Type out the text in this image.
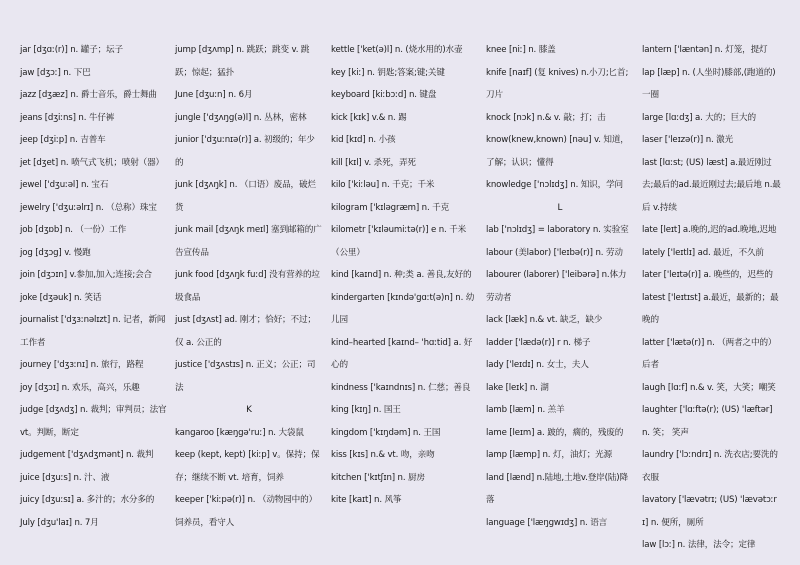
jar [dʒɑː(r)] n. 罐子；坛子

jaw [dʒɔː] n. 下巴

jazz [dʒæz] n. 爵士音乐，爵士舞曲

jeans [dʒiːns] n. 牛仔裤

jeep [dʒiːp] n. 吉普车

jet [dʒet] n. 喷气式飞机；喷射（器）

jewel ['dʒuːəl] n. 宝石

jewelry ['dʒuːəlrɪ] n. （总称）珠宝

job [dʒɒb] n. （一份）工作

jog [dʒɔg] v. 慢跑

join [dʒɔɪn] v.参加,加入;连接;会合

joke [dʒəuk] n. 笑话

journalist ['dʒɜːnəlɪzt] n. 记者，新闻工作者

journey ['dʒɜːnɪ] n. 旅行，路程

joy [dʒɔɪ] n. 欢乐，高兴，乐趣

judge [dʒʌdʒ] n. 裁判；审判员；法官vt。判断，断定

judgement ['dʒʌdʒmənt] n. 裁判

juice [dʒuːs] n. 汁、液

juicy [dʒuːsɪ] a. 多汁的；水分多的

July [dʒu'laɪ] n. 7月

jump [dʒʌmp] n. 跳跃；跳变 v. 跳跃；惊起；猛扑

June [dʒuːn] n. 6月

jungle ['dʒʌŋg(ə)l] n. 丛林，密林

junior ['dʒuːnɪə(r)] a. 初级的；年少的

junk [dʒʌŋk] n. （口语）废品，破烂货

junk mail [dʒʌŋk meɪl] 塞到邮箱的广告宣传品

junk food [dʒʌŋk fuːd] 没有营养的垃圾食品

just [dʒʌst] ad. 刚才；恰好；不过；仅 a. 公正的

justice ['dʒʌstɪs] n. 正义；公正；司法

K

kangaroo [kæŋgə'ruː] n. 大袋鼠

keep (kept, kept) [kiːp] v。保持；保存；继续不断 vt. 培育，饲养

keeper ['kiːpə(r)] n. （动物园中的）饲养员，看守人

kettle ['ket(ə)l] n. (烧水用的)水壶

key [kiː] n. 钥匙;答案;键;关键

keyboard [kiːbɔːd] n. 键盘

kick [kɪk] v.& n. 踢

kid [kɪd] n. 小孩

kill [kɪl] v. 杀死，弄死

kilo ['kiːləu] n. 千克；千米

kilogram ['kɪləgræm] n. 千克

kilometr ['kɪləumiːtə(r)] e n. 千米（公里）

kind [kaɪnd] n. 种;类 a. 善良,友好的

kindergarten [kɪndə'gɑːt(ə)n] n. 幼儿园

kind–hearted [kaɪnd– 'hɑːtid] a. 好心的

kindness ['kaɪndnɪs] n. 仁慈；善良

king [kɪŋ] n. 国王

kingdom ['kɪŋdəm] n. 王国

kiss [kɪs] n.& vt. 吻，亲吻

kitchen ['kɪtʃɪn] n. 厨房

kite [kaɪt] n. 风筝

knee [niː] n. 膝盖

knife [naɪf] (复 knives) n.小刀;匕首;刀片

knock [nɔk] n.& v. 敲；打；击

know(knew,known) [nəu] v. 知道，了解；认识；懂得

knowledge ['nɔlɪdʒ] n. 知识，学问

L

lab ['nɔlɪdʒ] = laboratory n. 实验室

labour (美labor) ['leɪbə(r)] n. 劳动

labourer (laborer) ['leibərə] n.体力劳动者

lack [læk] n.& vt. 缺乏，缺少

ladder ['lædə(r)] r n. 梯子

lady ['leɪdɪ] n. 女士，夫人

lake [leɪk] n. 湖

lamb [læm] n. 羔羊

lame [leɪm] a. 跛的，瘸的，残废的

lamp [læmp] n. 灯，油灯；光源

land [lænd] n.陆地,土地v.登岸(陆)降落

language ['læŋgwɪdʒ] n. 语言

lantern ['læntən] n. 灯笼，提灯

lap [læp] n. (人坐时)膝部,(跑道的)一圈

large [lɑːdʒ] a. 大的；巨大的

laser ['leɪzə(r)] n. 激光

last [lɑːst; (US) læst] a.最近刚过去;最后的ad.最近刚过去;最后地 n.最后 v.持续

late [leɪt] a.晚的,迟的ad.晚地,迟地

lately ['leɪtlɪ] ad. 最近，不久前

later ['leɪtə(r)] a. 晚些的，迟些的

latest ['leɪtɪst] a.最近，最新的；最晚的

latter ['lætə(r)] n. （两者之中的）后者

laugh [lɑːf] n.& v. 笑，大笑；嘲笑

laughter ['lɑːftə(r); (US) 'læftər] n. 笑； 笑声

laundry ['lɔːndrɪ] n. 洗衣店;要洗的衣服

lavatory ['lævətrɪ; (US) 'lævətɔːrɪ] n. 便所，厕所

law [lɔː] n. 法律，法令；定律
